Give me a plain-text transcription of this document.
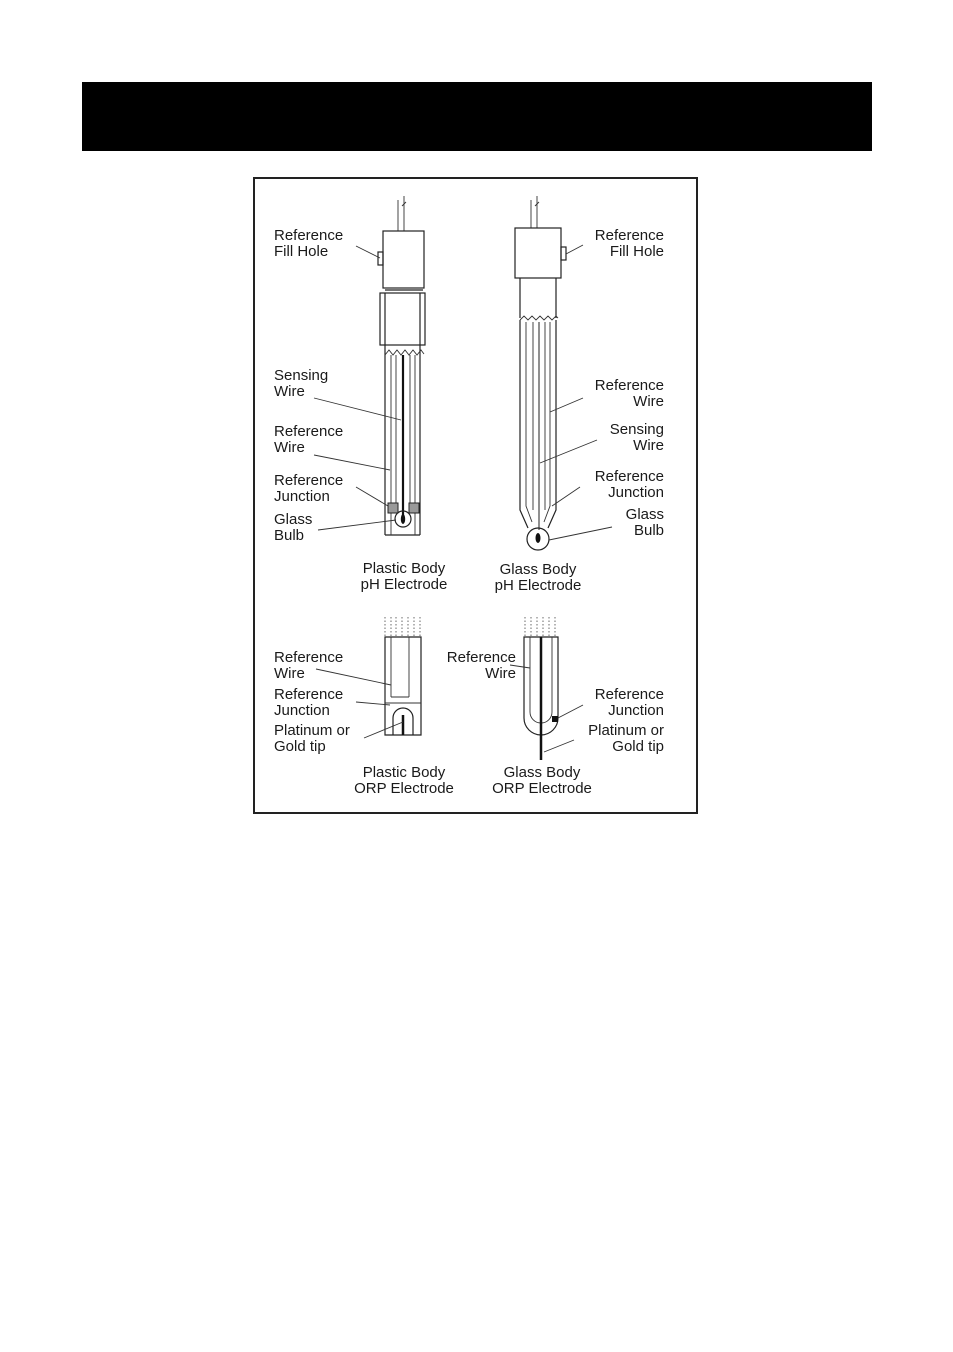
Reference
Fill Hole
Sensing
Wire
Reference
Wire
Reference
Junction
Glass
Bulb
Plastic Body
pH Electrode
Reference
Fill Hole
Reference
Wire
Sensing
Wire
Reference
Junction
Glass
Bulb
Glass Body
pH Electrode
Reference
Wire
Reference
Junction
Platinum or
Gold tip
Plastic Body
ORP Electrode
Reference
Wire
Reference
Junction
Platinum or
Gold tip
Glass Body
ORP Electrode
